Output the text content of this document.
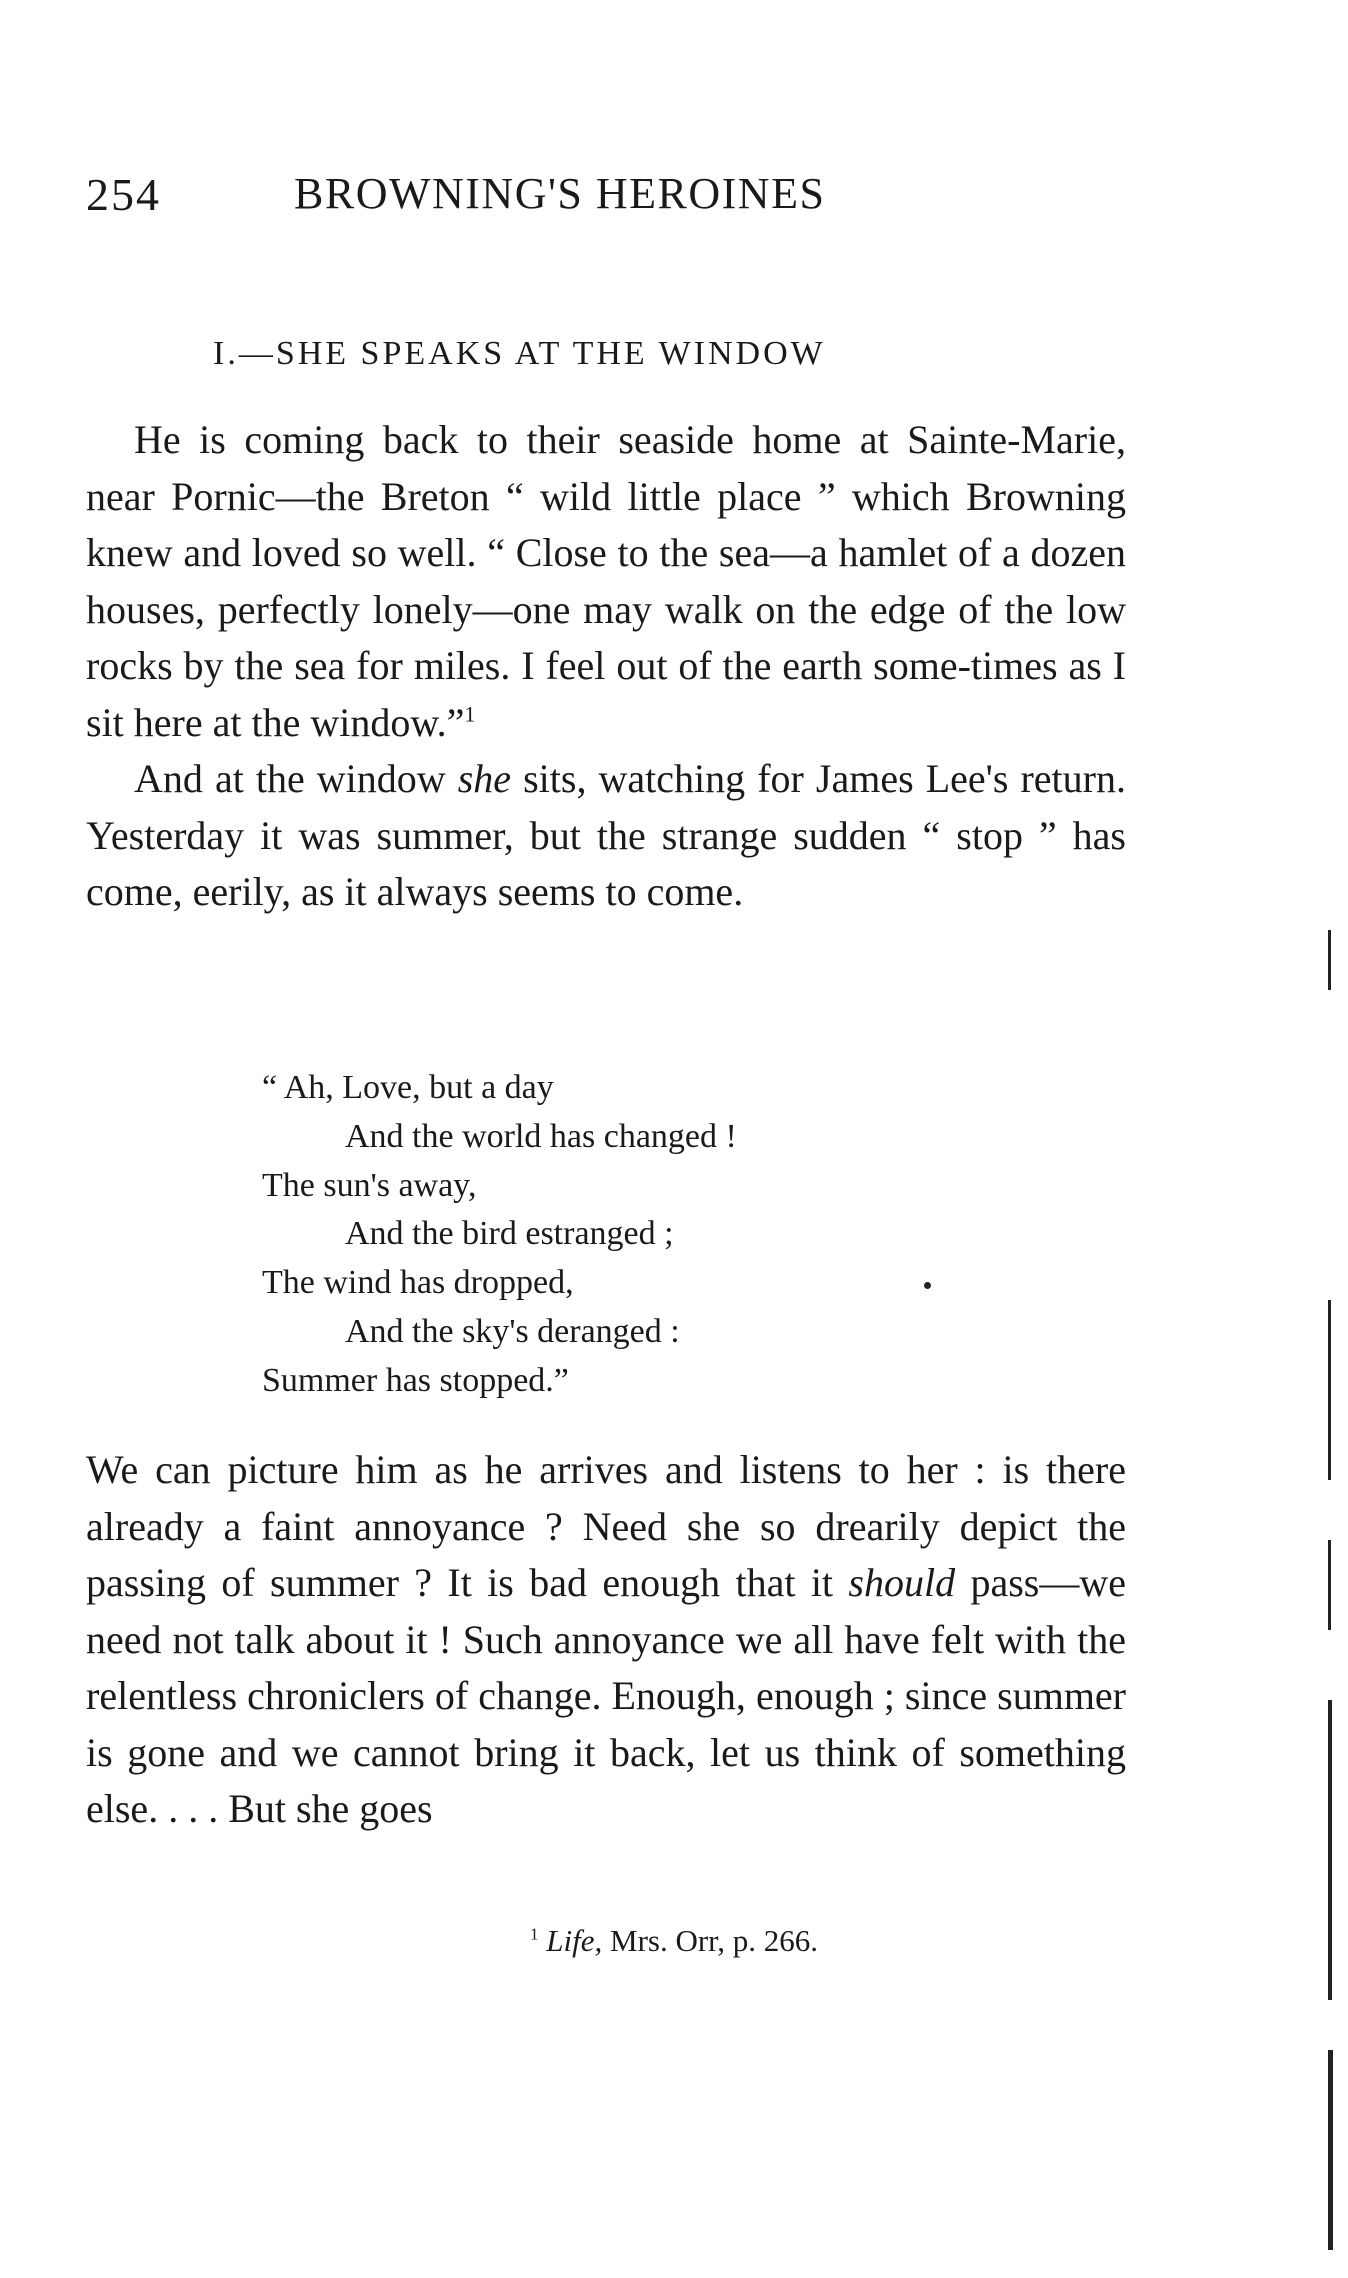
254	BROWNING'S HEROINES
I.—SHE SPEAKS AT THE WINDOW

He is coming back to their seaside home at Sainte-Marie, near Pornic—the Breton “ wild little place ” which Browning knew and loved so well. “ Close to the sea—a hamlet of a dozen houses, perfectly lonely—one may walk on the edge of the low rocks by the sea for miles. I feel out of the earth some-times as I sit here at the window.”$^1$

And at the window she sits, watching for James Lee's return. Yesterday it was summer, but the strange sudden “ stop ” has come, eerily, as it always seems to come.

“ Ah, Love, but a day
And the world has changed !
The sun's away,
And the bird estranged ;
The wind has dropped,
And the sky's deranged :
Summer has stopped.”

We can picture him as he arrives and listens to her : is there already a faint annoyance ? Need she so drearily depict the passing of summer ? It is bad enough that it should pass—we need not talk about it ! Such annoyance we all have felt with the relentless chroniclers of change. Enough, enough ; since summer is gone and we cannot bring it back, let us think of something else. . . . But she goes

$^1$ Life, Mrs. Orr, p. 266.
